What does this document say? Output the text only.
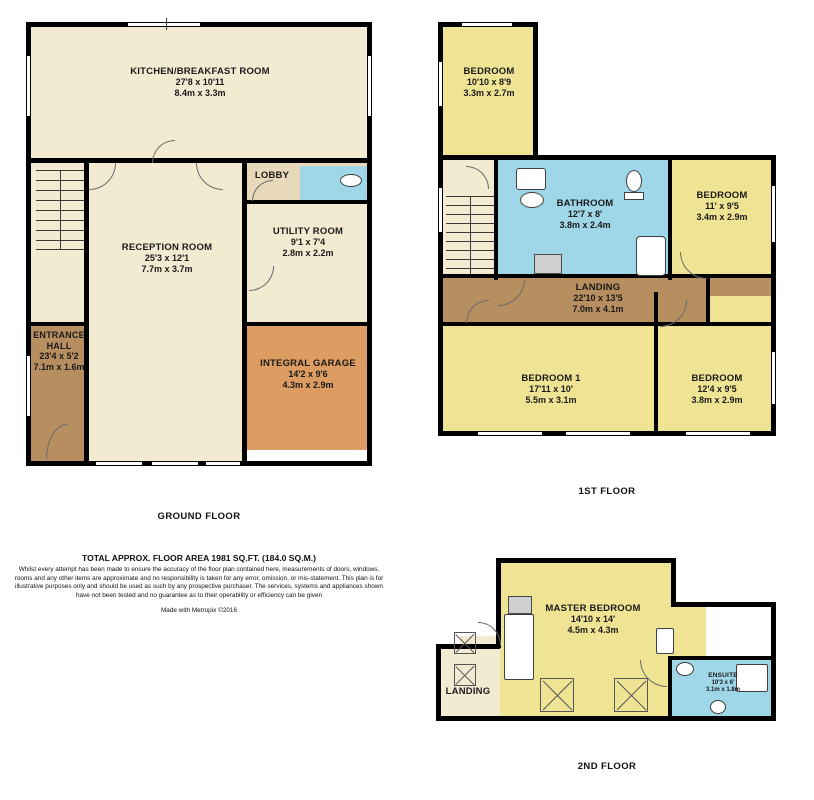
KITCHEN/BREAKFAST ROOM
27'8 x 10'11
8.4m x 3.3m
RECEPTION ROOM
25'3 x 12'1
7.7m x 3.7m
LOBBY
UTILITY ROOM
9'1 x 7'4
2.8m x 2.2m
ENTRANCE HALL
23'4 x 5'2
7.1m x 1.6m	INTEGRAL GARAGE
14'2 x 9'6
4.3m x 2.9m
GROUND FLOOR
BEDROOM
10'10 x 8'9
3.3m x 2.7m
BATHROOM
12'7 x 8'
3.8m x 2.4m
BEDROOM
11' x 9'5
3.4m x 2.9m
LANDING
22'10 x 13'5
7.0m x 4.1m
BEDROOM 1
17'11 x 10'
5.5m x 3.1m
BEDROOM
12'4 x 9'5
3.8m x 2.9m
1ST FLOOR
MASTER BEDROOM
14'10 x 14'
4.5m x 4.3m
LANDING
ENSUITE
10'3 x 6'
3.1m x 1.8m
2ND FLOOR
TOTAL APPROX. FLOOR AREA 1981 SQ.FT. (184.0 SQ.M.)
Whilst every attempt has been made to ensure the accuracy of the floor plan contained here, measurements of doors, windows, rooms and any other items are approximate and no responsibility is taken for any error, omission, or mis-statement. This plan is for illustrative purposes only and should be used as such by any prospective purchaser. The services, systems and appliances shown have not been tested and no guarantee as to their operability or efficiency can be given
Made with Metropix ©2016
